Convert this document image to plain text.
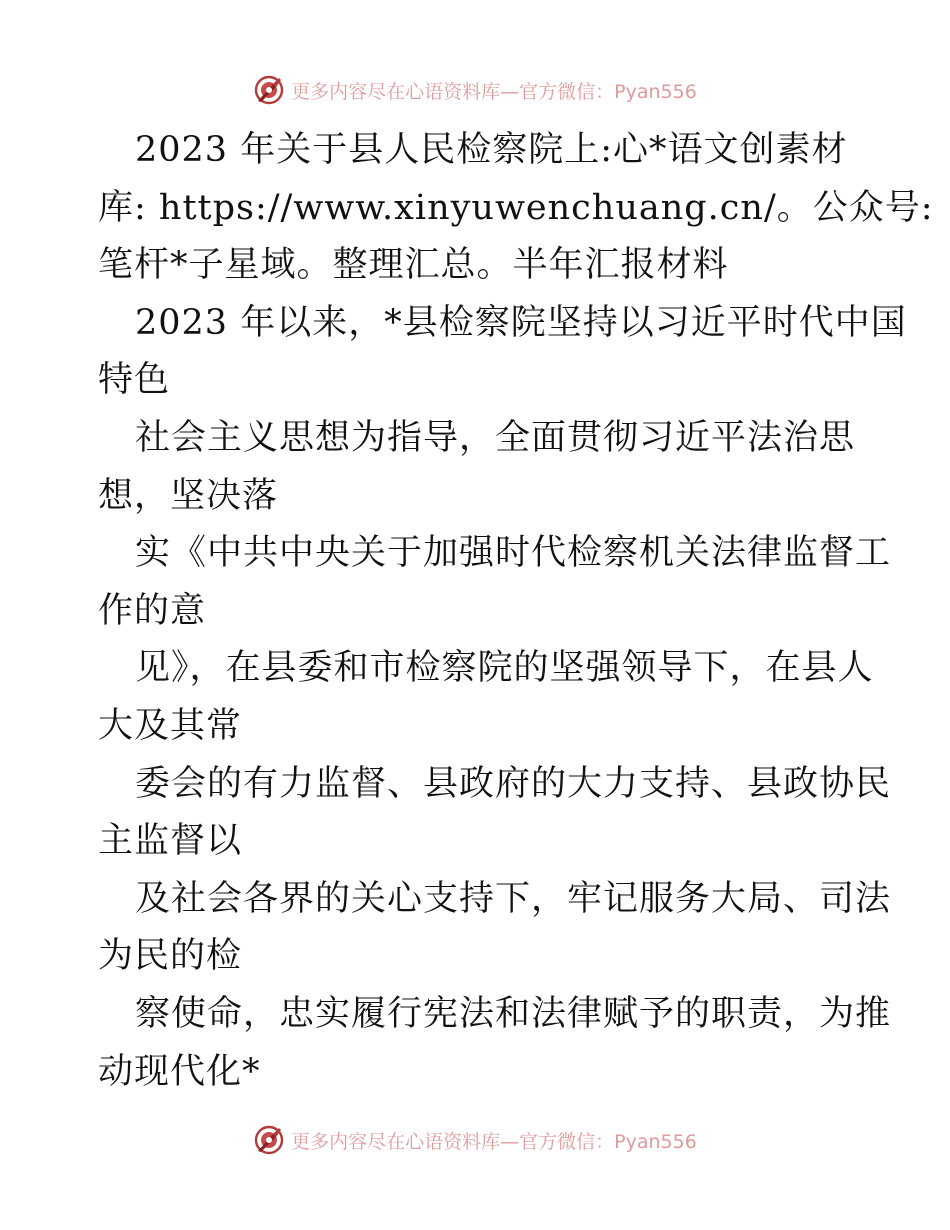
更多内容尽在心语资料库—官方微信：Pyan556
2023 年关于县人民检察院上:心*语文创素材
库: https://www.xinyuwenchuang.cn/。公众号:
笔杆*子星域。整理汇总。半年汇报材料
2023 年以来，*县检察院坚持以习近平时代中国
特色
社会主义思想为指导，全面贯彻习近平法治思
想，坚决落
实《中共中央关于加强时代检察机关法律监督工
作的意
见》，在县委和市检察院的坚强领导下，在县人
大及其常
委会的有力监督、县政府的大力支持、县政协民
主监督以
及社会各界的关心支持下，牢记服务大局、司法
为民的检
察使命，忠实履行宪法和法律赋予的职责，为推
动现代化*
更多内容尽在心语资料库—官方微信：Pyan556
